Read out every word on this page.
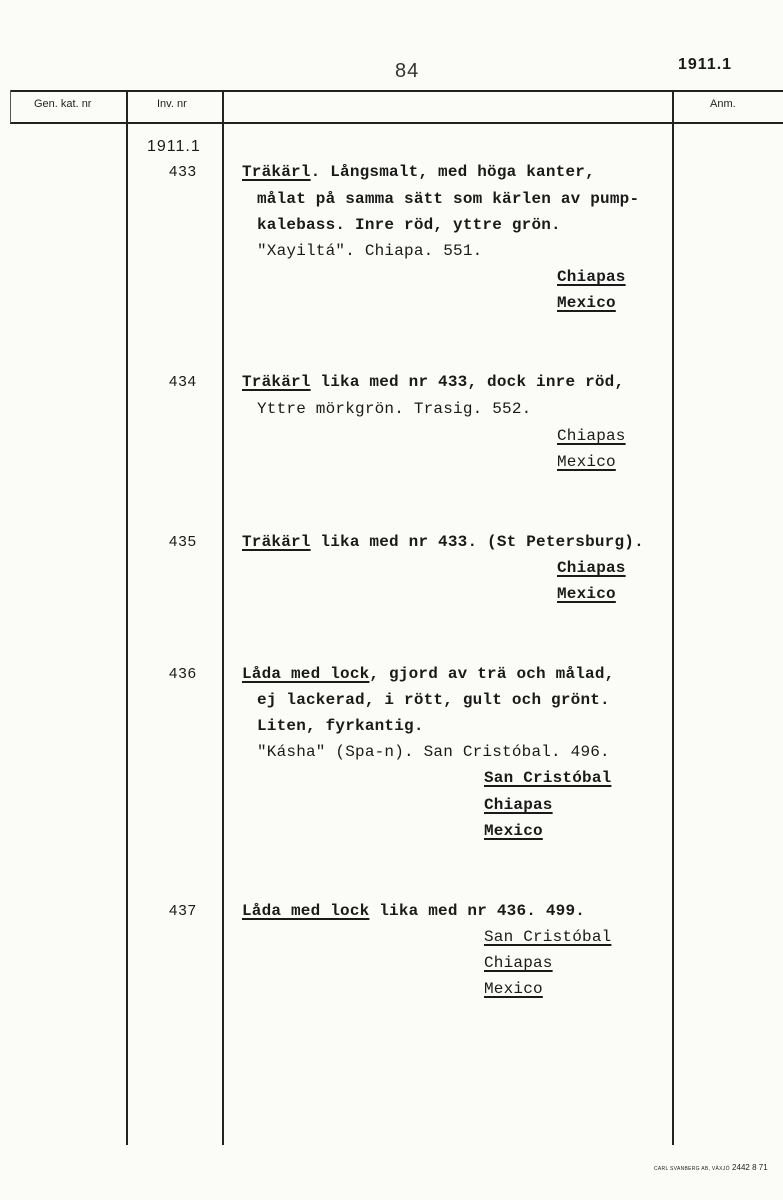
84	1911.1
Gen. kat. nr	Inv. nr	Anm.
1911.1
433	Träkärl. Långsmalt, med höga kanter,
målat på samma sätt som kärlen av pump-
kalebass. Inre röd, yttre grön.
"Xayiltá". Chiapa. 551.
Chiapas
Mexico
434	Träkärl lika med nr 433, dock inre röd,
Yttre mörkgrön. Trasig. 552.
Chiapas
Mexico
435	Träkärl lika med nr 433. (St Petersburg).
Chiapas
Mexico
436	Låda med lock, gjord av trä och målad,
ej lackerad, i rött, gult och grönt.
Liten, fyrkantig.
"Kásha" (Spa-n). San Cristóbal. 496.
San Cristóbal
Chiapas
Mexico
437	Låda med lock lika med nr 436. 499.
San Cristóbal
Chiapas
Mexico
CARL SVANBERG AB, VÄXJÖ 2442 8 71
